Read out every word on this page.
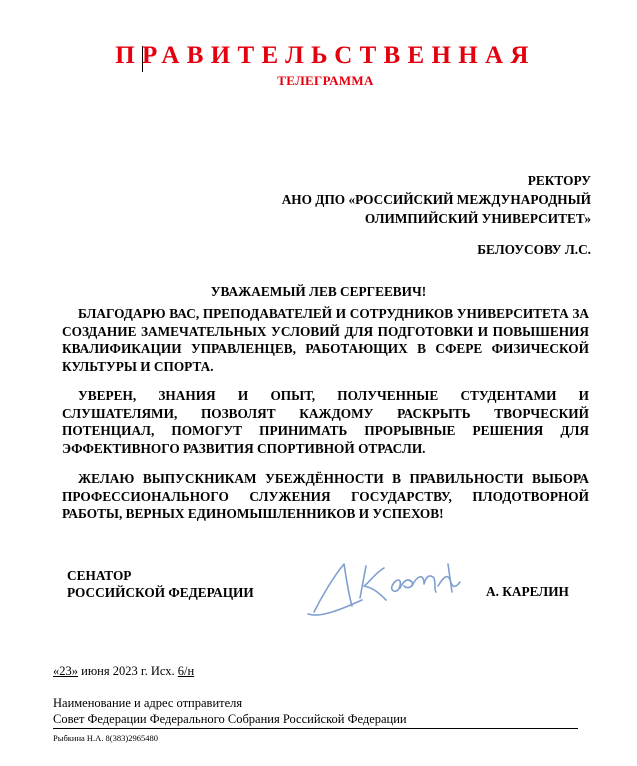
ПРАВИТЕЛЬСТВЕННАЯ
ТЕЛЕГРАММА
РЕКТОРУ
АНО ДПО «РОССИЙСКИЙ МЕЖДУНАРОДНЫЙ
ОЛИМПИЙСКИЙ УНИВЕРСИТЕТ»
БЕЛОУСОВУ Л.С.
УВАЖАЕМЫЙ ЛЕВ СЕРГЕЕВИЧ!
БЛАГОДАРЮ ВАС, ПРЕПОДАВАТЕЛЕЙ И СОТРУДНИКОВ УНИВЕРСИТЕТА ЗА СОЗДАНИЕ ЗАМЕЧАТЕЛЬНЫХ УСЛОВИЙ ДЛЯ ПОДГОТОВКИ И ПОВЫШЕНИЯ КВАЛИФИКАЦИИ УПРАВЛЕНЦЕВ, РАБОТАЮЩИХ В СФЕРЕ ФИЗИЧЕСКОЙ КУЛЬТУРЫ И СПОРТА.
УВЕРЕН, ЗНАНИЯ И ОПЫТ, ПОЛУЧЕННЫЕ СТУДЕНТАМИ И СЛУШАТЕЛЯМИ, ПОЗВОЛЯТ КАЖДОМУ РАСКРЫТЬ ТВОРЧЕСКИЙ ПОТЕНЦИАЛ, ПОМОГУТ ПРИНИМАТЬ ПРОРЫВНЫЕ РЕШЕНИЯ ДЛЯ ЭФФЕКТИВНОГО РАЗВИТИЯ СПОРТИВНОЙ ОТРАСЛИ.
ЖЕЛАЮ ВЫПУСКНИКАМ УБЕЖДЁННОСТИ В ПРАВИЛЬНОСТИ ВЫБОРА ПРОФЕССИОНАЛЬНОГО СЛУЖЕНИЯ ГОСУДАРСТВУ, ПЛОДОТВОРНОЙ РАБОТЫ, ВЕРНЫХ ЕДИНОМЫШЛЕННИКОВ И УСПЕХОВ!
СЕНАТОР
РОССИЙСКОЙ ФЕДЕРАЦИИ	А. КАРЕЛИН
«23» июня 2023 г. Исх. 6/н
Наименование и адрес отправителя
Совет Федерации Федерального Собрания Российской Федерации
Рыбкина Н.А. 8(383)2965480
